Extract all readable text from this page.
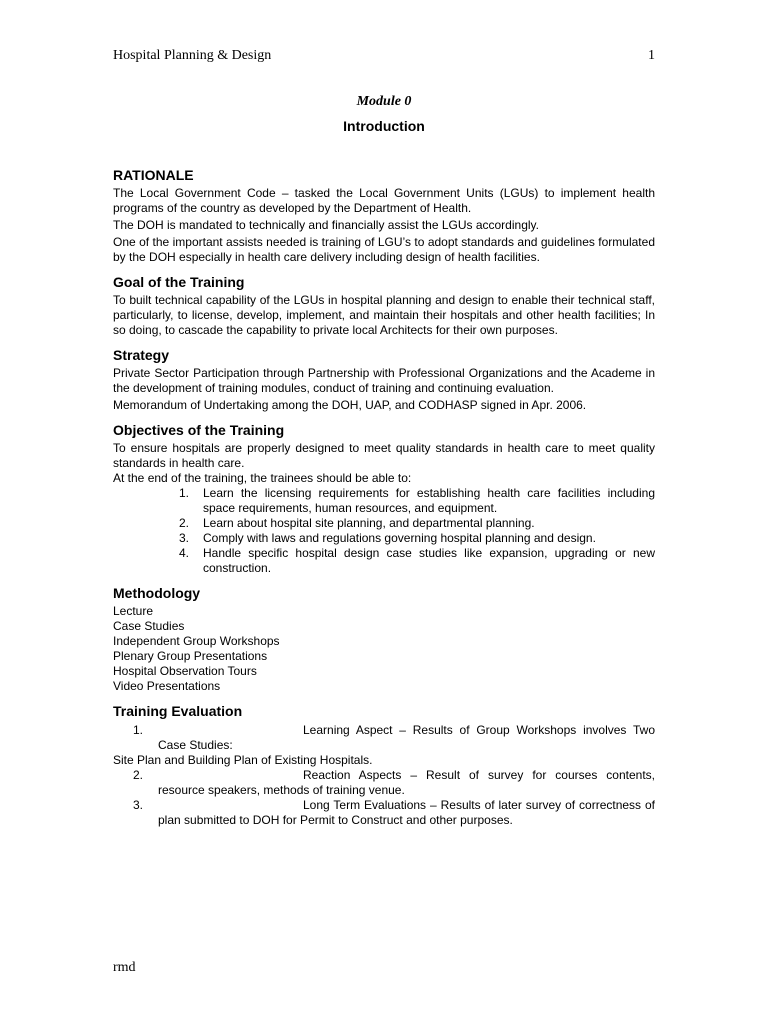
Hospital Planning & Design	1

Module 0

Introduction

RATIONALE

The Local Government Code – tasked the Local Government Units (LGUs) to implement health programs of the country as developed by the Department of Health.

The DOH is mandated to technically and financially assist the LGUs accordingly.

One of the important assists needed is training of LGU’s to adopt standards and guidelines formulated by the DOH especially in health care delivery including design of health facilities.

Goal of the Training

To built technical capability of the LGUs in hospital planning and design to enable their technical staff, particularly, to license, develop, implement, and maintain their hospitals and other health facilities; In so doing, to cascade the capability to private local Architects for their own purposes.

Strategy

Private Sector Participation through Partnership with Professional Organizations and the Academe in the development of training modules, conduct of training and continuing evaluation.

Memorandum of Undertaking among the DOH, UAP, and CODHASP signed in Apr. 2006.

Objectives of the Training

To ensure hospitals are properly designed to meet quality standards in health care to meet quality standards in health care.

At the end of the training, the trainees should be able to:

1. Learn the licensing requirements for establishing health care facilities including space requirements, human resources, and equipment.
2. Learn about hospital site planning, and departmental planning.
3. Comply with laws and regulations governing hospital planning and design.
4. Handle specific hospital design case studies like expansion, upgrading or new construction.
Methodology
Lecture
Case Studies
Independent Group Workshops
Plenary Group Presentations
Hospital Observation Tours
Video Presentations
Training Evaluation
1.	Learning Aspect – Results of Group Workshops involves Two Case Studies:

Site Plan and Building Plan of Existing Hospitals.

2.	Reaction Aspects – Result of survey for courses contents, resource speakers, methods of training venue.
3.	Long Term Evaluations – Results of later survey of correctness of plan submitted to DOH for Permit to Construct and other purposes.
rmd
